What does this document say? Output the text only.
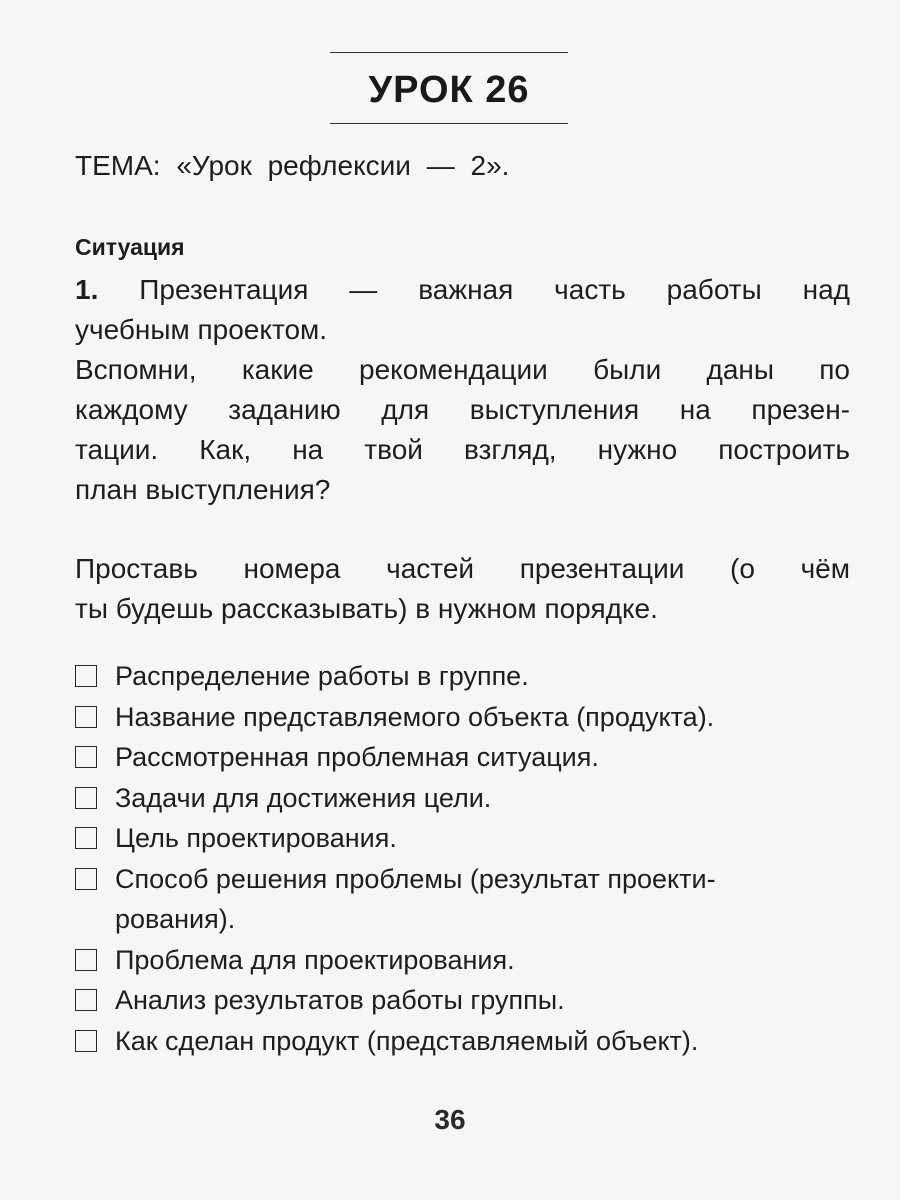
УРОК 26
ТЕМА: «Урок рефлексии — 2».
Ситуация
1. Презентация — важная часть работы над
учебным проектом.
Вспомни, какие рекомендации были даны по
каждому заданию для выступления на презен-
тации. Как, на твой взгляд, нужно построить
план выступления?
Проставь номера частей презентации (о чём
ты будешь рассказывать) в нужном порядке.
Распределение работы в группе.
Название представляемого объекта (продукта).
Рассмотренная проблемная ситуация.
Задачи для достижения цели.
Цель проектирования.
Способ решения проблемы (результат проекти-
рования).
Проблема для проектирования.
Анализ результатов работы группы.
Как сделан продукт (представляемый объект).
36
